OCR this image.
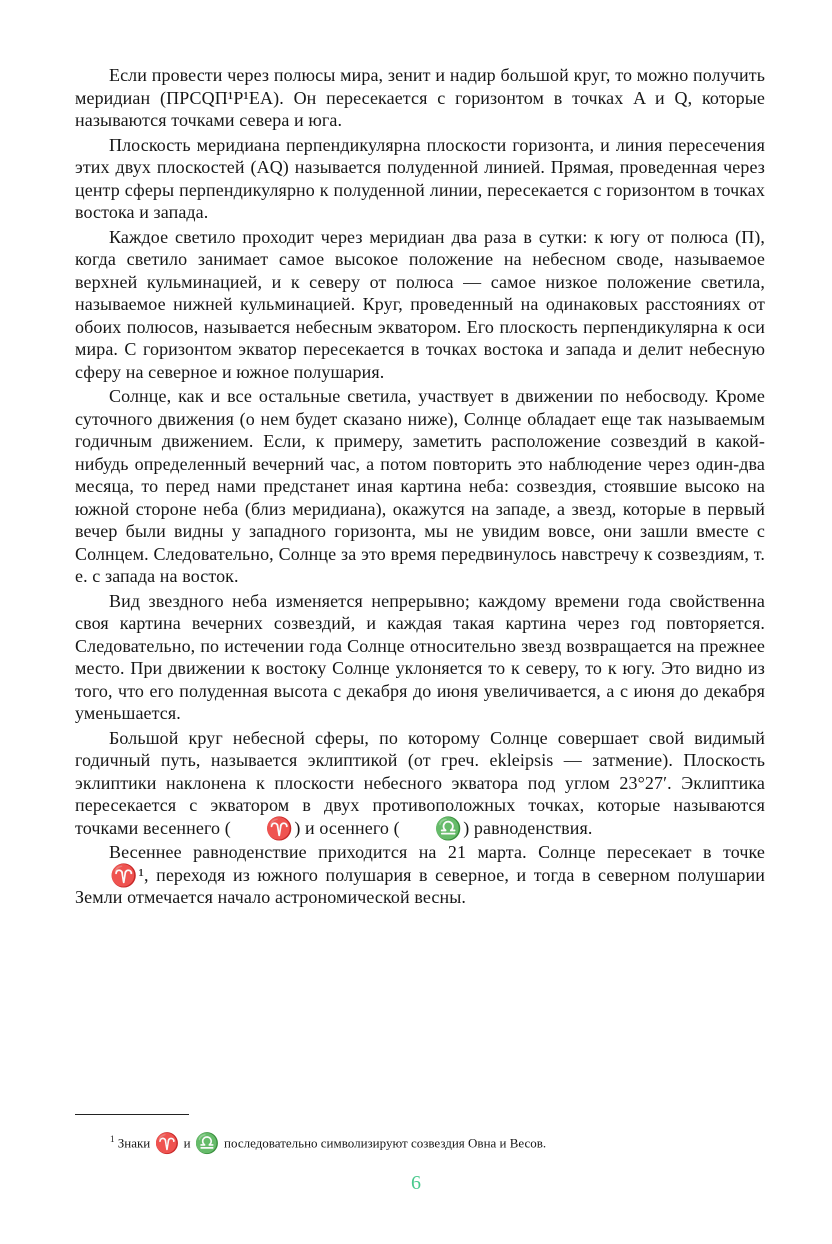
Если провести через полюсы мира, зенит и надир большой круг, то можно получить меридиан (ПРСQП¹Р¹ЕА). Он пересекается с горизонтом в точках A и Q, которые называются точками севера и юга.

Плоскость меридиана перпендикулярна плоскости горизонта, и линия пересечения этих двух плоскостей (AQ) называется полуденной линией. Прямая, проведенная через центр сферы перпендикулярно к полуденной линии, пересекается с горизонтом в точках востока и запада.

Каждое светило проходит через меридиан два раза в сутки: к югу от полюса (П), когда светило занимает самое высокое положение на небесном своде, называемое верхней кульминацией, и к северу от полюса — самое низкое положение светила, называемое нижней кульминацией. Круг, проведенный на одинаковых расстояниях от обоих полюсов, называется небесным экватором. Его плоскость перпендикулярна к оси мира. С горизонтом экватор пересекается в точках востока и запада и делит небесную сферу на северное и южное полушария.

Солнце, как и все остальные светила, участвует в движении по небосводу. Кроме суточного движения (о нем будет сказано ниже), Солнце обладает еще так называемым годичным движением. Если, к примеру, заметить расположение созвездий в какой-нибудь определенный вечерний час, а потом повторить это наблюдение через один-два месяца, то перед нами предстанет иная картина неба: созвездия, стоявшие высоко на южной стороне неба (близ меридиана), окажутся на западе, а звезд, которые в первый вечер были видны у западного горизонта, мы не увидим вовсе, они зашли вместе с Солнцем. Следовательно, Солнце за это время передвинулось навстречу к созвездиям, т. е. с запада на восток.

Вид звездного неба изменяется непрерывно; каждому времени года свойственна своя картина вечерних созвездий, и каждая такая картина через год повторяется. Следовательно, по истечении года Солнце относительно звезд возвращается на прежнее место. При движении к востоку Солнце уклоняется то к северу, то к югу. Это видно из того, что его полуденная высота с декабря до июня увеличивается, а с июня до декабря уменьшается.

Большой круг небесной сферы, по которому Солнце совершает свой видимый годичный путь, называется эклиптикой (от греч. ekleipsis — затмение). Плоскость эклиптики наклонена к плоскости небесного экватора под углом 23°27′. Эклиптика пересекается с экватором в двух противоположных точках, которые называются точками весеннего ( ♈) и осеннего ( ♎) равноденствия.

Весеннее равноденствие приходится на 21 марта. Солнце пересекает в точке ♈¹, переходя из южного полушария в северное, и тогда в северном полушарии Земли отмечается начало астрономической весны.

$^1$ Знаки ♈ и ♎ последовательно символизируют созвездия Овна и Весов.
6
